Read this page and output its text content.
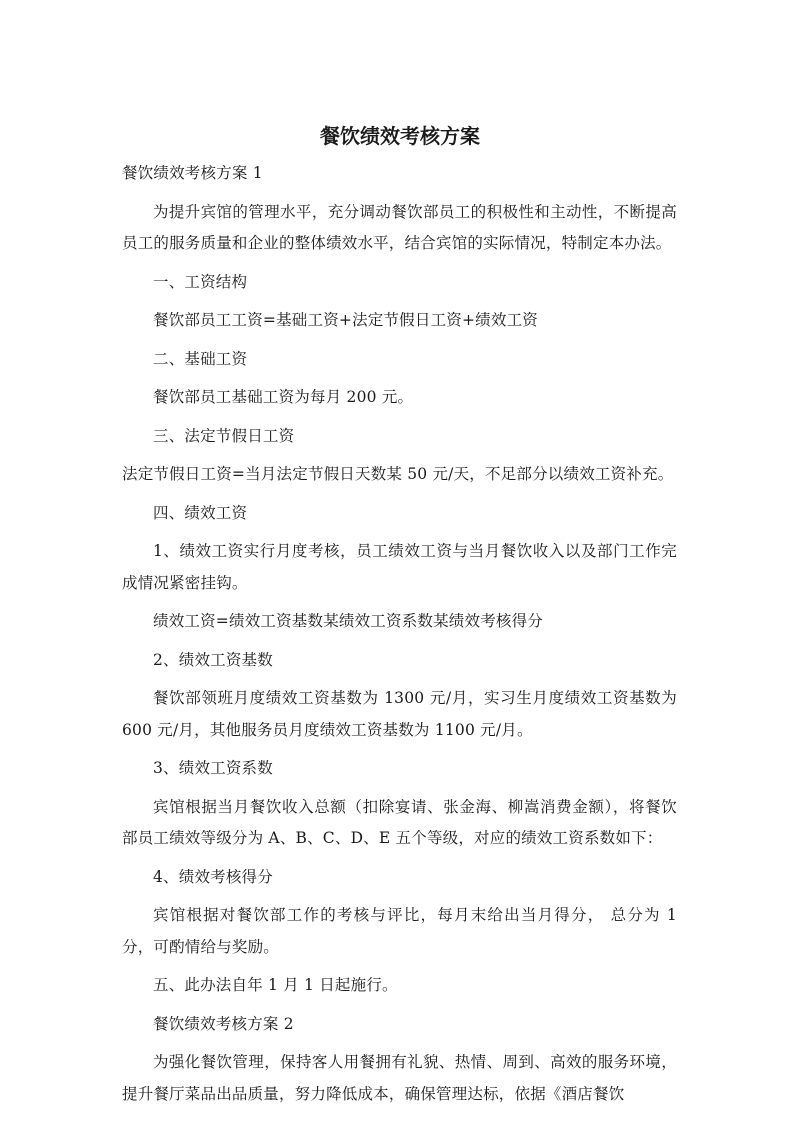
餐饮绩效考核方案

餐饮绩效考核方案 1

为提升宾馆的管理水平，充分调动餐饮部员工的积极性和主动性，不断提高员工的服务质量和企业的整体绩效水平，结合宾馆的实际情况，特制定本办法。

一、工资结构

餐饮部员工工资=基础工资+法定节假日工资+绩效工资

二、基础工资

餐饮部员工基础工资为每月 200 元。

三、法定节假日工资

法定节假日工资=当月法定节假日天数某 50 元/天，不足部分以绩效工资补充。

四、绩效工资

1、绩效工资实行月度考核，员工绩效工资与当月餐饮收入以及部门工作完成情况紧密挂钩。

绩效工资=绩效工资基数某绩效工资系数某绩效考核得分

2、绩效工资基数

餐饮部领班月度绩效工资基数为 1300 元/月，实习生月度绩效工资基数为 600 元/月，其他服务员月度绩效工资基数为 1100 元/月。

3、绩效工资系数

宾馆根据当月餐饮收入总额（扣除宴请、张金海、柳嵩消费金额），将餐饮部员工绩效等级分为 A、B、C、D、E 五个等级，对应的绩效工资系数如下：

4、绩效考核得分

宾馆根据对餐饮部工作的考核与评比，每月末给出当月得分， 总分为 1 分，可酌情给与奖励。

五、此办法自年 1 月 1 日起施行。

餐饮绩效考核方案 2

为强化餐饮管理，保持客人用餐拥有礼貌、热情、周到、高效的服务环境，提升餐厅菜品出品质量，努力降低成本，确保管理达标，依据《酒店餐饮
